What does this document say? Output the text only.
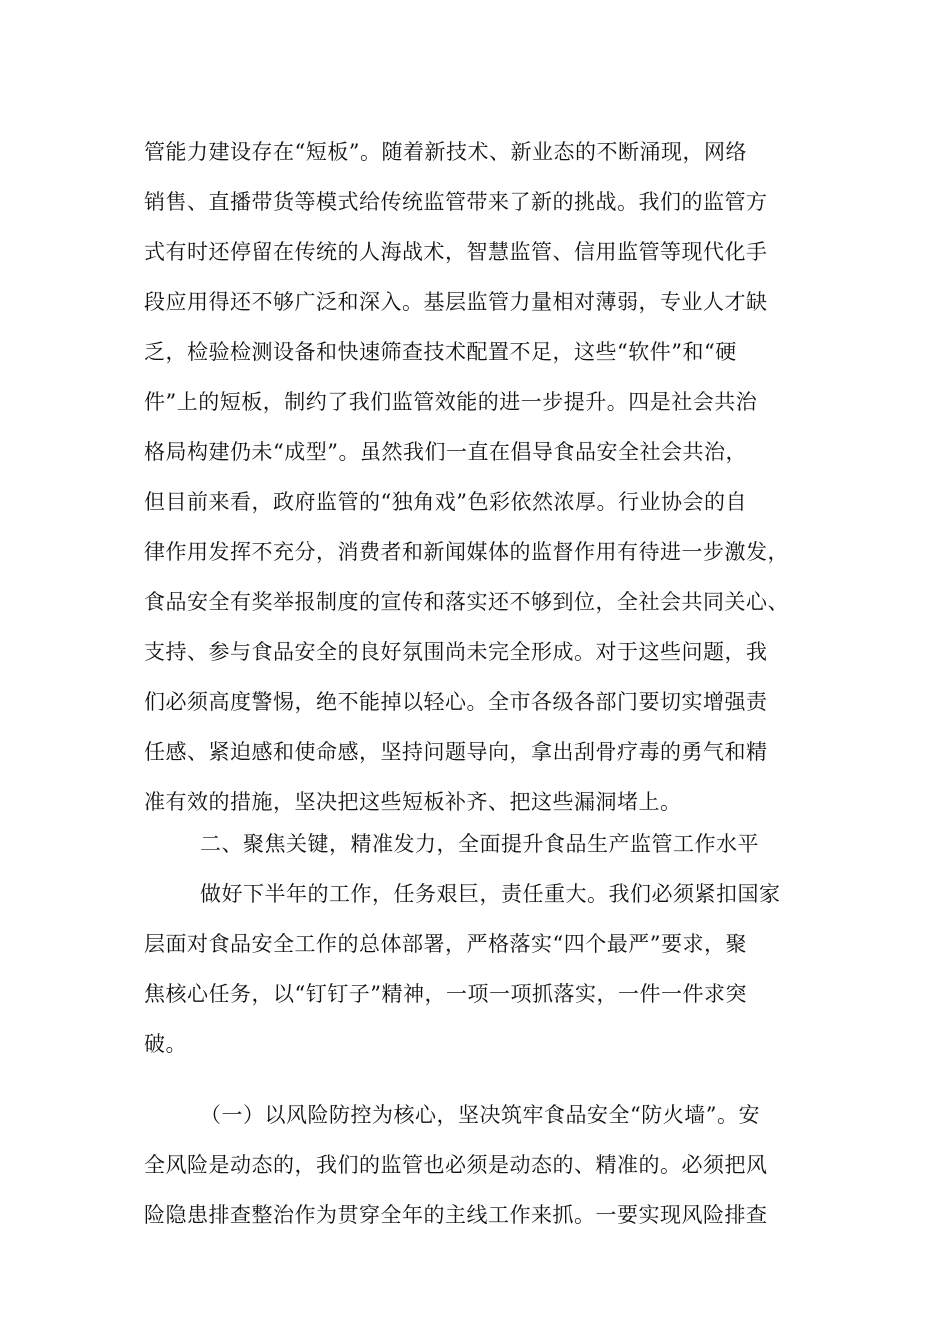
管能力建设存在“短板”。随着新技术、新业态的不断涌现，网络
销售、直播带货等模式给传统监管带来了新的挑战。我们的监管方
式有时还停留在传统的人海战术，智慧监管、信用监管等现代化手
段应用得还不够广泛和深入。基层监管力量相对薄弱，专业人才缺
乏，检验检测设备和快速筛查技术配置不足，这些“软件”和“硬
件”上的短板，制约了我们监管效能的进一步提升。四是社会共治
格局构建仍未“成型”。虽然我们一直在倡导食品安全社会共治，
但目前来看，政府监管的“独角戏”色彩依然浓厚。行业协会的自
律作用发挥不充分，消费者和新闻媒体的监督作用有待进一步激发，
食品安全有奖举报制度的宣传和落实还不够到位，全社会共同关心、
支持、参与食品安全的良好氛围尚未完全形成。对于这些问题，我
们必须高度警惕，绝不能掉以轻心。全市各级各部门要切实增强责
任感、紧迫感和使命感，坚持问题导向，拿出刮骨疗毒的勇气和精
准有效的措施，坚决把这些短板补齐、把这些漏洞堵上。
二、聚焦关键，精准发力，全面提升食品生产监管工作水平
做好下半年的工作，任务艰巨，责任重大。我们必须紧扣国家
层面对食品安全工作的总体部署，严格落实“四个最严”要求，聚
焦核心任务，以“钉钉子”精神，一项一项抓落实，一件一件求突
破。
（一）以风险防控为核心，坚决筑牢食品安全“防火墙”。安
全风险是动态的，我们的监管也必须是动态的、精准的。必须把风
险隐患排查整治作为贯穿全年的主线工作来抓。一要实现风险排查
